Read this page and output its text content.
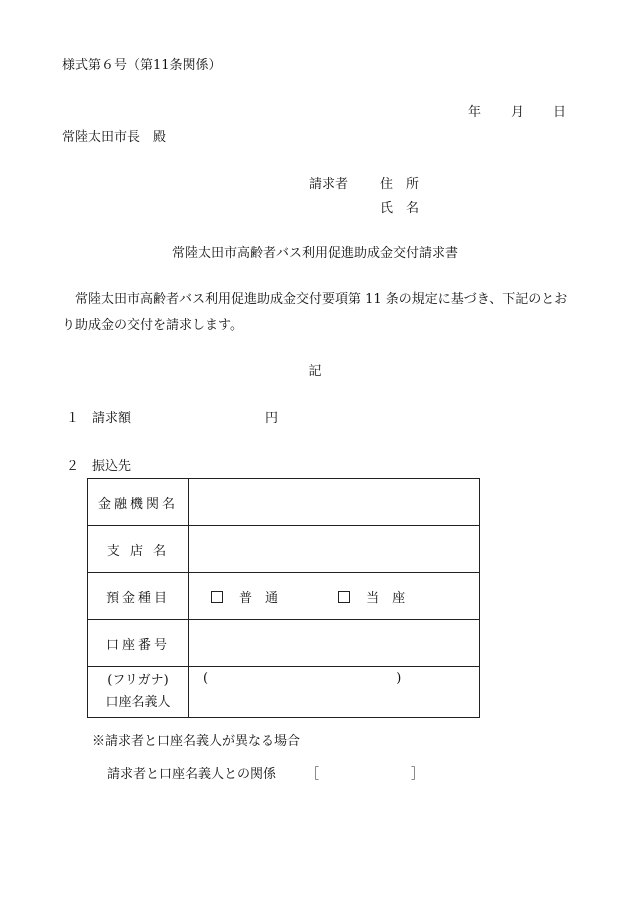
様式第６号（第11条関係）
年 月 日
常陸太田市長　殿
請求者 住　所
氏　名
常陸太田市高齢者バス利用促進助成金交付請求書
常陸太田市高齢者バス利用促進助成金交付要項第 11 条の規定に基づき、下記のとおり助成金の交付を請求します。
記
１ 請求額	円
２ 振込先
金融機関名	
支 店 名	
預金種目	普　通 当　座
口座番号	

(フリガナ)
口座名義人	( )
※請求者と口座名義人が異なる場合
請求者と口座名義人との関係 ［	］
